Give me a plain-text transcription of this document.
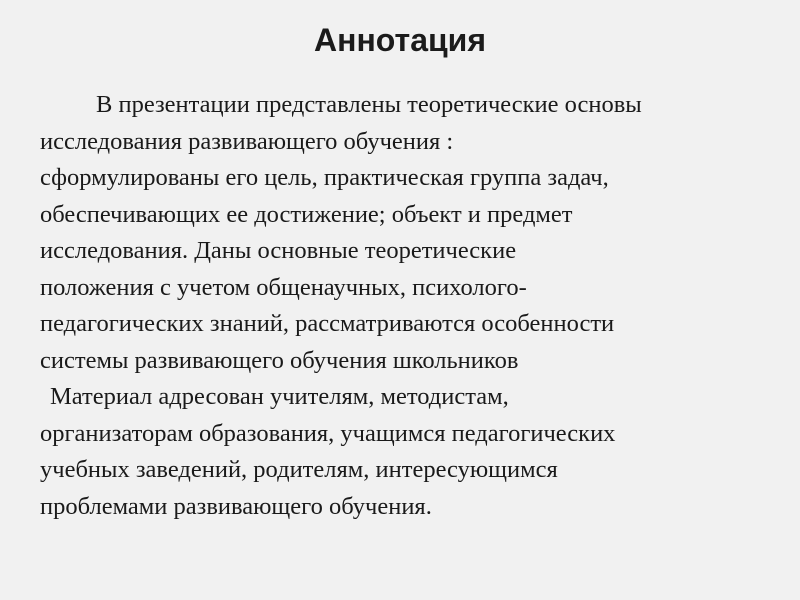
Аннотация
В презентации представлены теоретические основы
исследования развивающего обучения :
сформулированы его цель, практическая группа задач,
обеспечивающих ее достижение; объект и предмет
исследования. Даны основные теоретические
положения с учетом общенаучных, психолого-
педагогических знаний, рассматриваются особенности
системы развивающего обучения школьников
Материал адресован учителям, методистам,
организаторам образования, учащимся педагогических
учебных заведений, родителям, интересующимся
проблемами развивающего обучения.
